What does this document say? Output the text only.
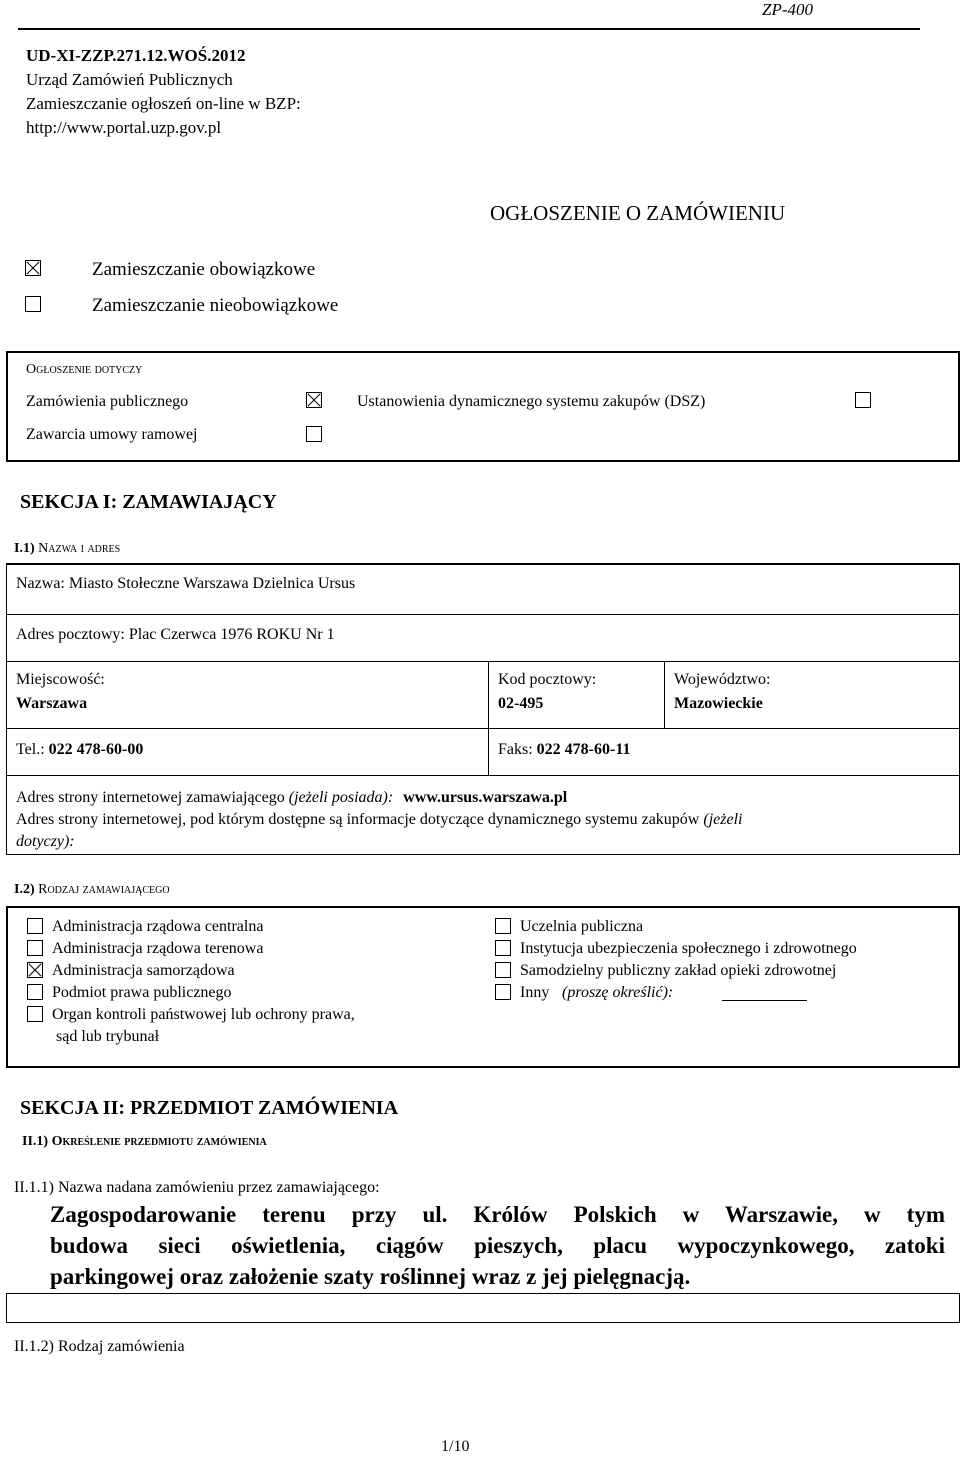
ZP-400
UD-XI-ZZP.271.12.WOŚ.2012
Urząd Zamówień Publicznych
Zamieszczanie ogłoszeń on-line w BZP:
http://www.portal.uzp.gov.pl
OGŁOSZENIE O ZAMÓWIENIU
Zamieszczanie obowiązkowe
Zamieszczanie nieobowiązkowe
Ogłoszenie dotyczy
Zamówienia publicznego	Ustanowienia dynamicznego systemu zakupów (DSZ)
Zawarcia umowy ramowej
SEKCJA I: ZAMAWIAJĄCY
I.1) Nazwa i adres
Nazwa: Miasto Stołeczne Warszawa Dzielnica Ursus
Adres pocztowy: Plac Czerwca 1976 ROKU Nr 1
Miejscowość:
Warszawa
Kod pocztowy:
02-495
Województwo:
Mazowieckie
Tel.: 022 478-60-00	Faks: 022 478-60-11
Adres strony internetowej zamawiającego (jeżeli posiada): www.ursus.warszawa.pl
Adres strony internetowej, pod którym dostępne są informacje dotyczące dynamicznego systemu zakupów (jeżeli
dotyczy):
I.2) Rodzaj zamawiającego
Administracja rządowa centralna
Administracja rządowa terenowa
Administracja samorządowa
Podmiot prawa publicznego
Organ kontroli państwowej lub ochrony prawa,
Uczelnia publiczna
Instytucja ubezpieczenia społecznego i zdrowotnego
Samodzielny publiczny zakład opieki zdrowotnej
Inny
sąd lub trybunał
(proszę określić):
SEKCJA II: PRZEDMIOT ZAMÓWIENIA
II.1) Określenie przedmiotu zamówienia
II.1.1) Nazwa nadana zamówieniu przez zamawiającego:
Zagospodarowanie terenu przy ul. Królów Polskich w Warszawie, w tym
budowa sieci oświetlenia, ciągów pieszych, placu wypoczynkowego, zatoki
parkingowej oraz założenie szaty roślinnej wraz z jej pielęgnacją.
II.1.2) Rodzaj zamówienia
1/10
